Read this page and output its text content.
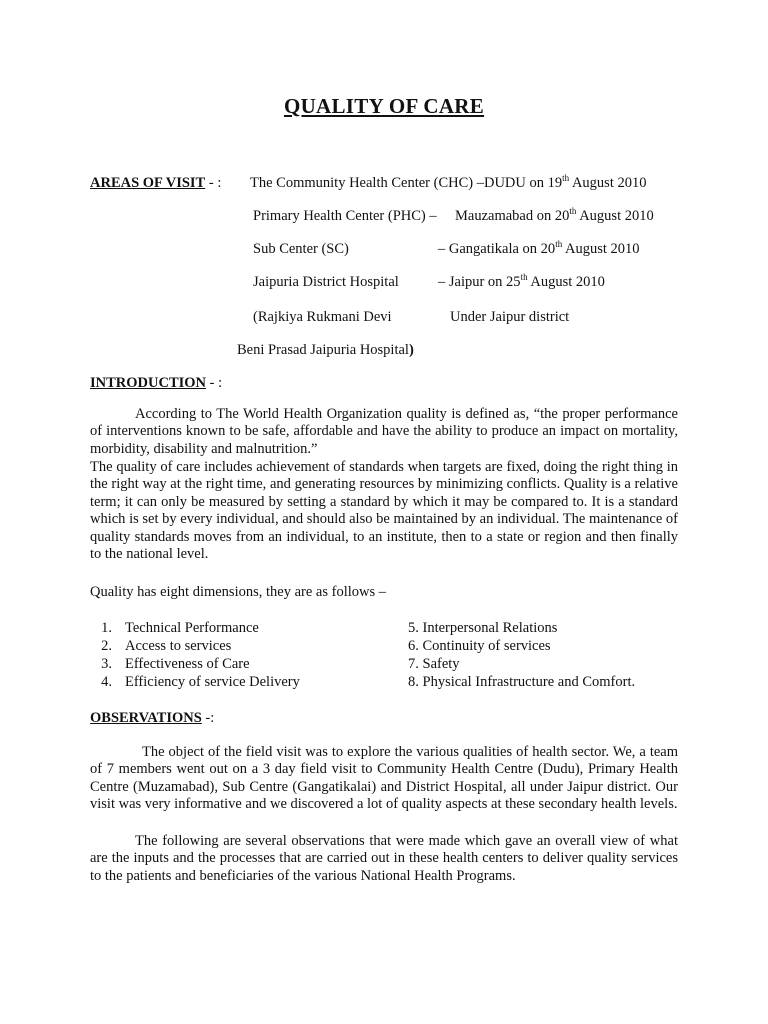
QUALITY OF CARE
AREAS OF VISIT - : The Community Health Center (CHC) –DUDU on 19th August 2010
Primary Health Center (PHC) – Mauzamabad on 20th August 2010
Sub Center (SC)	– Gangatikala on 20th August 2010
Jaipuria District Hospital	– Jaipur on 25th August 2010
(Rajkiya Rukmani Devi	Under Jaipur district
Beni Prasad Jaipuria Hospital)
INTRODUCTION - :

According to The World Health Organization quality is defined as, “the proper performance of interventions known to be safe, affordable and have the ability to produce an impact on mortality, morbidity, disability and malnutrition.”

The quality of care includes achievement of standards when targets are fixed, doing the right thing in the right way at the right time, and generating resources by minimizing conflicts. Quality is a relative term; it can only be measured by setting a standard by which it may be compared to. It is a standard which is set by every individual, and should also be maintained by an individual. The maintenance of quality standards moves from an individual, to an institute, then to a state or region and then finally to the national level.

Quality has eight dimensions, they are as follows –

1. Technical Performance
2. Access to services
3. Effectiveness of Care
4. Efficiency of service Delivery
5. Interpersonal Relations
6. Continuity of services
7. Safety
8. Physical Infrastructure and Comfort.
OBSERVATIONS -:

The object of the field visit was to explore the various qualities of health sector. We, a team of 7 members went out on a 3 day field visit to Community Health Centre (Dudu), Primary Health Centre (Muzamabad), Sub Centre (Gangatikalai) and District Hospital, all under Jaipur district. Our visit was very informative and we discovered a lot of quality aspects at these secondary health levels.

The following are several observations that were made which gave an overall view of what are the inputs and the processes that are carried out in these health centers to deliver quality services to the patients and beneficiaries of the various National Health Programs.
